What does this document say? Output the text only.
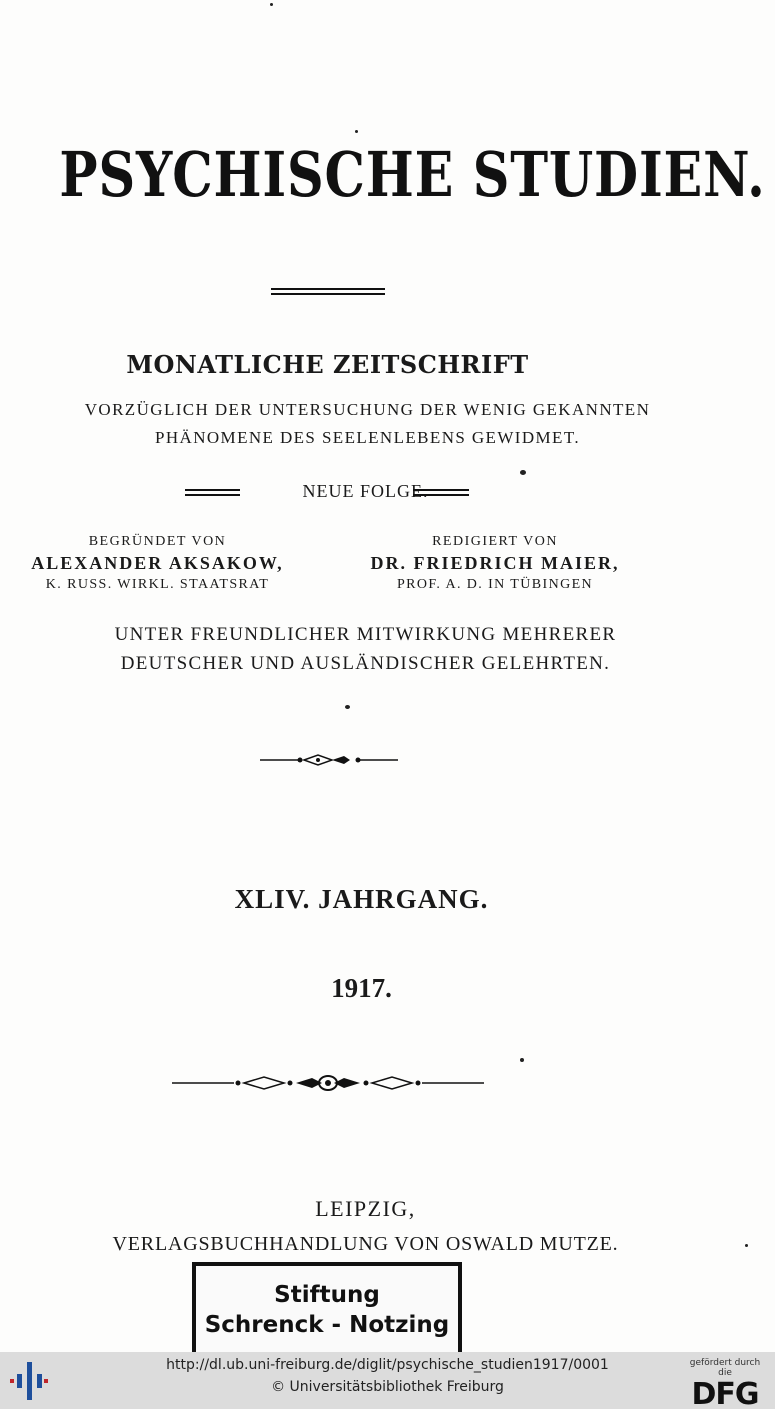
PSYCHISCHE STUDIEN.
MONATLICHE ZEITSCHRIFT
VORZÜGLICH DER UNTERSUCHUNG DER WENIG GEKANNTEN
PHÄNOMENE DES SEELENLEBENS GEWIDMET.
NEUE FOLGE.
BEGRÜNDET VON
ALEXANDER AKSAKOW,
K. RUSS. WIRKL. STAATSRAT
REDIGIERT VON
DR. FRIEDRICH MAIER,
PROF. A. D. IN TÜBINGEN
UNTER FREUNDLICHER MITWIRKUNG MEHRERER
DEUTSCHER UND AUSLÄNDISCHER GELEHRTEN.
XLIV. JAHRGANG.
1917.
LEIPZIG,
VERLAGSBUCHHANDLUNG VON OSWALD MUTZE.
Stiftung
Schrenck - Notzing
http://dl.ub.uni-freiburg.de/diglit/psychische_studien1917/0001
© Universitätsbibliothek Freiburg
gefördert durch die
DFG
